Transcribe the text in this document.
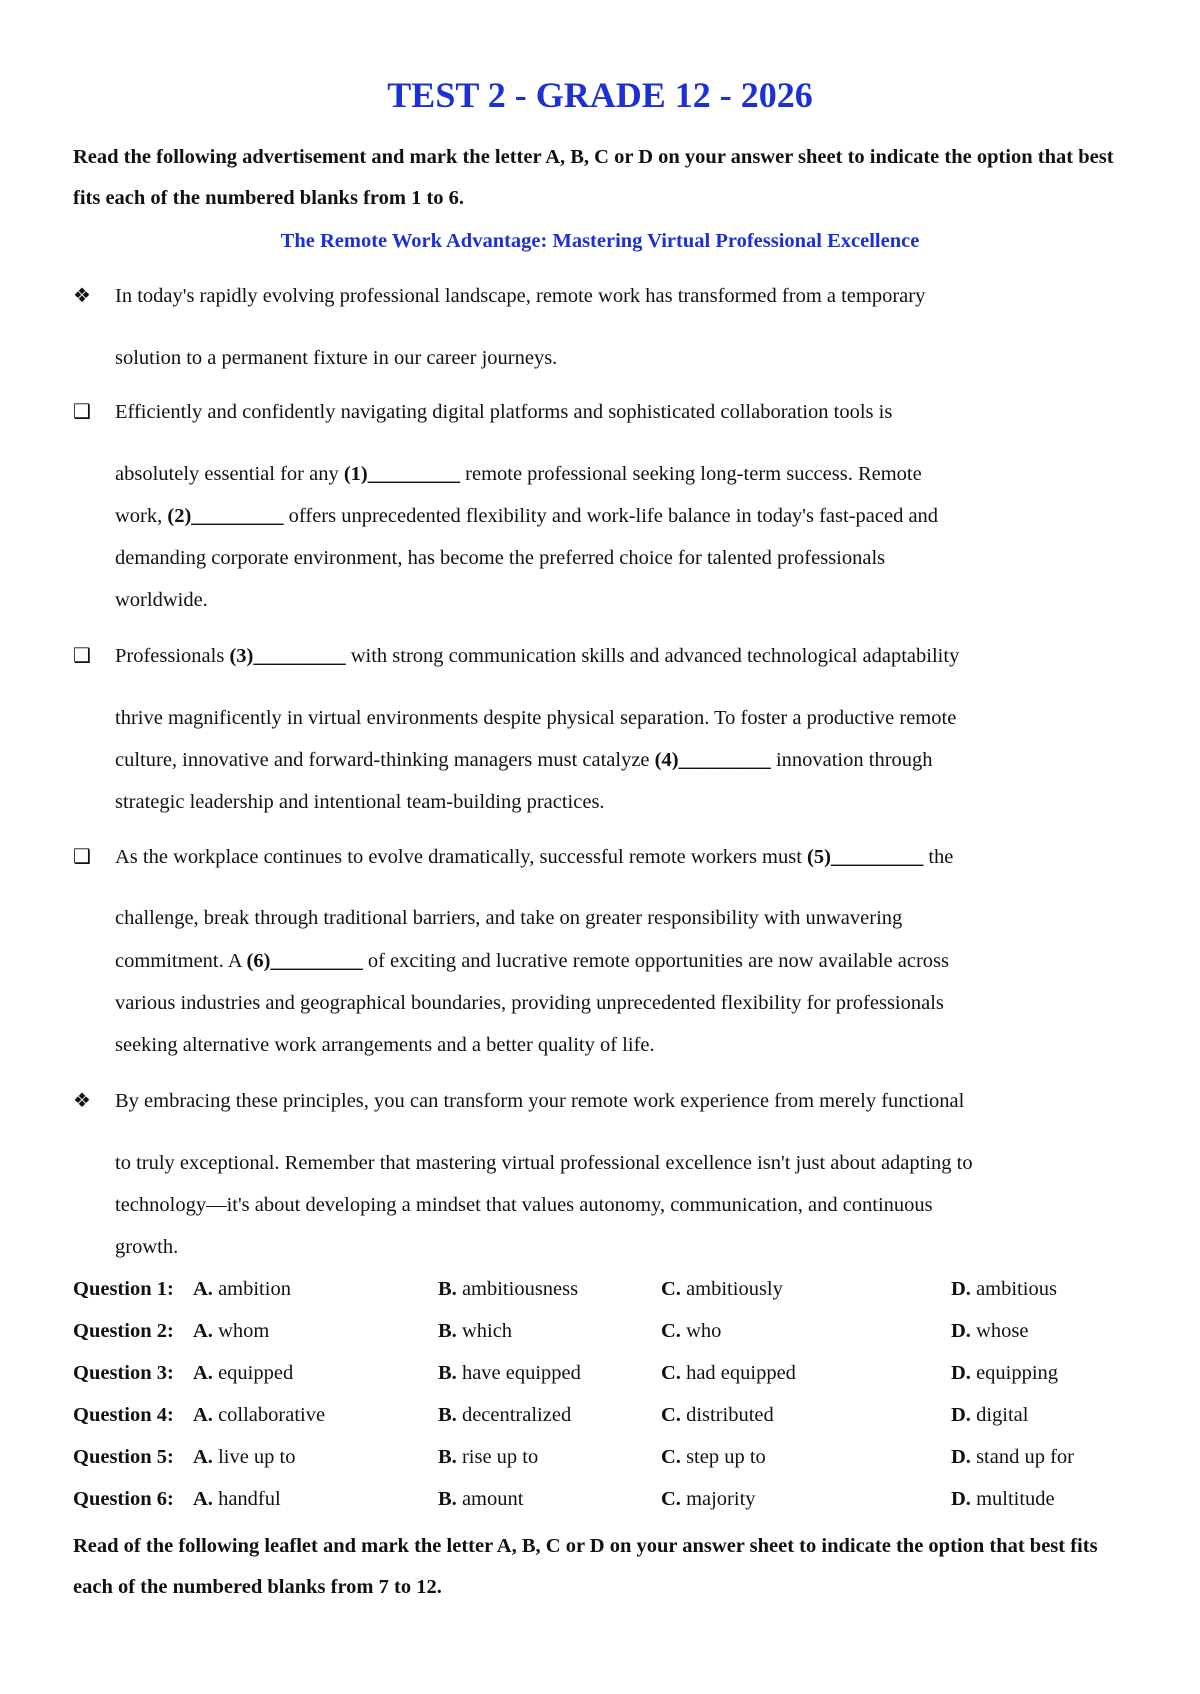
TEST 2 - GRADE 12 - 2026
Read the following advertisement and mark the letter A, B, C or D on your answer sheet to indicate the option that best fits each of the numbered blanks from 1 to 6.
The Remote Work Advantage: Mastering Virtual Professional Excellence
❖	In today's rapidly evolving professional landscape, remote work has transformed from a temporary
solution to a permanent fixture in our career journeys.
❑	Efficiently and confidently navigating digital platforms and sophisticated collaboration tools is
absolutely essential for any (1)_________ remote professional seeking long-term success. Remote
work, (2)_________ offers unprecedented flexibility and work-life balance in today's fast-paced and
demanding corporate environment, has become the preferred choice for talented professionals
worldwide.
❑	Professionals (3)_________ with strong communication skills and advanced technological adaptability
thrive magnificently in virtual environments despite physical separation. To foster a productive remote
culture, innovative and forward-thinking managers must catalyze (4)_________ innovation through
strategic leadership and intentional team-building practices.
❑	As the workplace continues to evolve dramatically, successful remote workers must (5)_________ the
challenge, break through traditional barriers, and take on greater responsibility with unwavering
commitment. A (6)_________ of exciting and lucrative remote opportunities are now available across
various industries and geographical boundaries, providing unprecedented flexibility for professionals
seeking alternative work arrangements and a better quality of life.
❖	By embracing these principles, you can transform your remote work experience from merely functional
to truly exceptional. Remember that mastering virtual professional excellence isn't just about adapting to
technology—it's about developing a mindset that values autonomy, communication, and continuous
growth.
Question 1: A. ambition	B. ambitiousness	C. ambitiously	D. ambitious
Question 2: A. whom	B. which	C. who	D. whose
Question 3: A. equipped	B. have equipped	C. had equipped	D. equipping
Question 4: A. collaborative	B. decentralized	C. distributed	D. digital
Question 5: A. live up to	B. rise up to	C. step up to	D. stand up for
Question 6: A. handful	B. amount	C. majority	D. multitude
Read of the following leaflet and mark the letter A, B, C or D on your answer sheet to indicate the option that best fits each of the numbered blanks from 7 to 12.
